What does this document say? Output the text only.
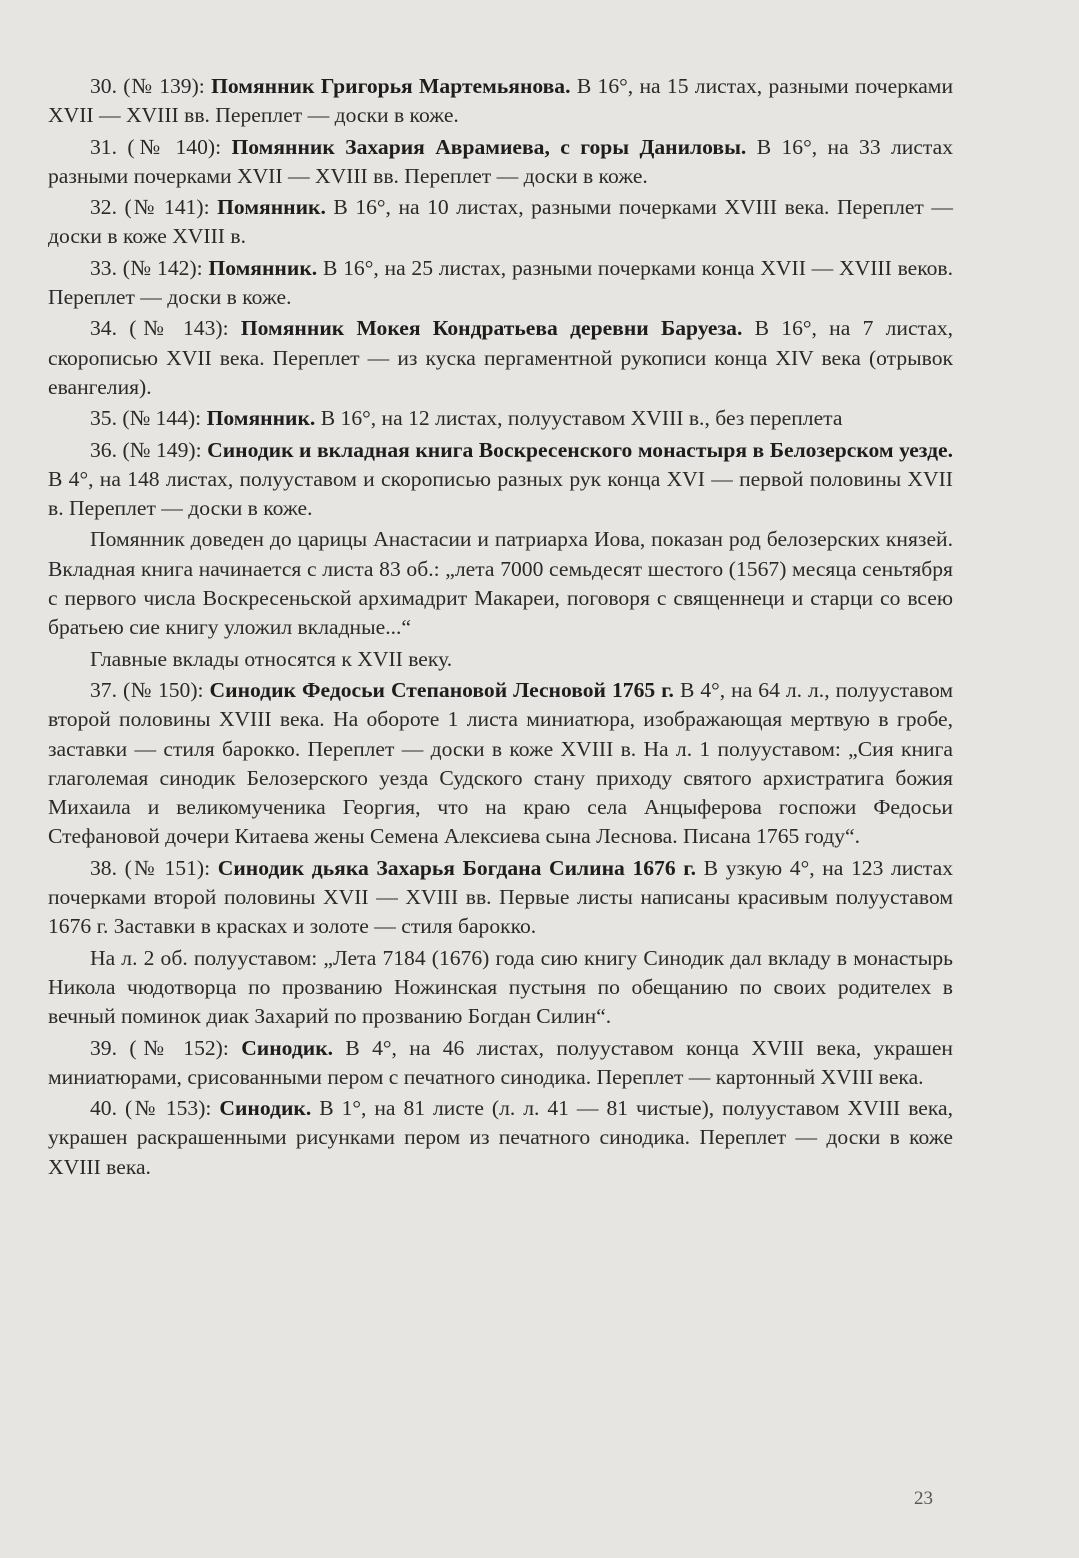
30. (№ 139): Помянник Григорья Мартемьянова. В 16°, на 15 листах, разными почерками XVII — XVIII вв. Переплет — доски в коже.

31. (№ 140): Помянник Захария Аврамиева, с горы Даниловы. В 16°, на 33 листах разными почерками XVII — XVIII вв. Переплет — доски в коже.

32. (№ 141): Помянник. В 16°, на 10 листах, разными почерками XVIII века. Переплет — доски в коже XVIII в.

33. (№ 142): Помянник. В 16°, на 25 листах, разными почерками конца XVII — XVIII веков. Переплет — доски в коже.

34. (№ 143): Помянник Мокея Кондратьева деревни Баруеза. В 16°, на 7 листах, скорописью XVII века. Переплет — из куска пергаментной рукописи конца XIV века (отрывок евангелия).

35. (№ 144): Помянник. В 16°, на 12 листах, полууставом XVIII в., без переплета

36. (№ 149): Синодик и вкладная книга Воскресенского монастыря в Белозерском уезде. В 4°, на 148 листах, полууставом и скорописью разных рук конца XVI — первой половины XVII в. Переплет — доски в коже.

Помянник доведен до царицы Анастасии и патриарха Иова, показан род белозерских князей. Вкладная книга начинается с листа 83 об.: „лета 7000 семьдесят шестого (1567) месяца сеньтября с первого числа Воскресеньской архимадрит Макареи, поговоря с священнеци и старци со всею братьею сие книгу уложил вкладные...“

Главные вклады относятся к XVII веку.

37. (№ 150): Синодик Федосьи Степановой Лесновой 1765 г. В 4°, на 64 л. л., полууставом второй половины XVIII века. На обороте 1 листа миниатюра, изображающая мертвую в гробе, заставки — стиля барокко. Переплет — доски в коже XVIII в. На л. 1 полууставом: „Сия книга глаголемая синодик Белозерского уезда Судского стану приходу святого архистратига божия Михаила и великомученика Георгия, что на краю села Анцыферова госпожи Федосьи Стефановой дочери Китаева жены Семена Алексиева сына Леснова. Писана 1765 году“.

38. (№ 151): Синодик дьяка Захарья Богдана Силина 1676 г. В узкую 4°, на 123 листах почерками второй половины XVII — XVIII вв. Первые листы написаны красивым полууставом 1676 г. Заставки в красках и золоте — стиля барокко.

На л. 2 об. полууставом: „Лета 7184 (1676) года сию книгу Синодик дал вкладу в монастырь Никола чюдотворца по прозванию Ножинская пустыня по обещанию по своих родителех в вечный поминок диак Захарий по прозванию Богдан Силин“.

39. (№ 152): Синодик. В 4°, на 46 листах, полууставом конца XVIII века, украшен миниатюрами, срисованными пером с печатного синодика. Переплет — картонный XVIII века.

40. (№ 153): Синодик. В 1°, на 81 листе (л. л. 41 — 81 чистые), полууставом XVIII века, украшен раскрашенными рисунками пером из печатного синодика. Переплет — доски в коже XVIII века.

23
